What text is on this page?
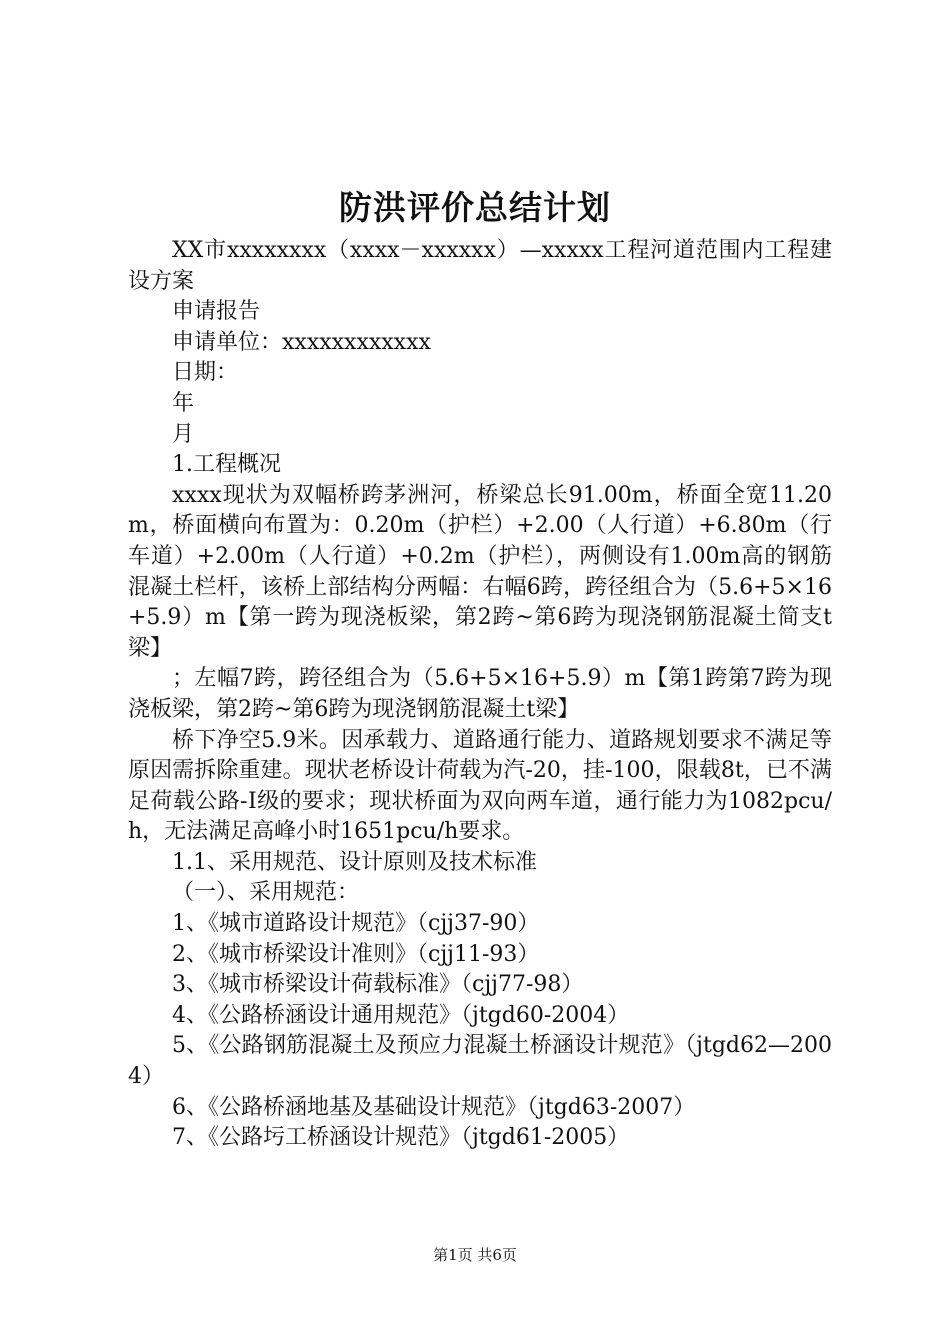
防洪评价总结计划

XX市xxxxxxxx（xxxx－xxxxxx）—xxxxx工程河道范围内工程建设方案

申请报告

申请单位：xxxxxxxxxxxx

日期：

年

月

1.工程概况

xxxx现状为双幅桥跨茅洲河，桥梁总长91.00m，桥面全宽11.20m，桥面横向布置为：0.20m（护栏）+2.00（人行道）+6.80m（行车道）+2.00m（人行道）+0.2m（护栏），两侧设有1.00m高的钢筋混凝土栏杆，该桥上部结构分两幅：右幅6跨，跨径组合为（5.6+5×16+5.9）m【第一跨为现浇板梁，第2跨~第6跨为现浇钢筋混凝土简支t梁】

；左幅7跨，跨径组合为（5.6+5×16+5.9）m【第1跨第7跨为现浇板梁，第2跨~第6跨为现浇钢筋混凝土t梁】

桥下净空5.9米。因承载力、道路通行能力、道路规划要求不满足等原因需拆除重建。现状老桥设计荷载为汽-20，挂-100，限载8t，已不满足荷载公路-Ⅰ级的要求；现状桥面为双向两车道，通行能力为1082pcu/h，无法满足高峰小时1651pcu/h要求。

1.1、采用规范、设计原则及技术标准

（一）、采用规范：

1、《城市道路设计规范》（cjj37-90）

2、《城市桥梁设计准则》（cjj11-93）

3、《城市桥梁设计荷载标准》（cjj77-98）

4、《公路桥涵设计通用规范》（jtgd60-2004）

5、《公路钢筋混凝土及预应力混凝土桥涵设计规范》（jtgd62—2004）

6、《公路桥涵地基及基础设计规范》（jtgd63-2007）

7、《公路圬工桥涵设计规范》（jtgd61-2005）

第1页 共6页
